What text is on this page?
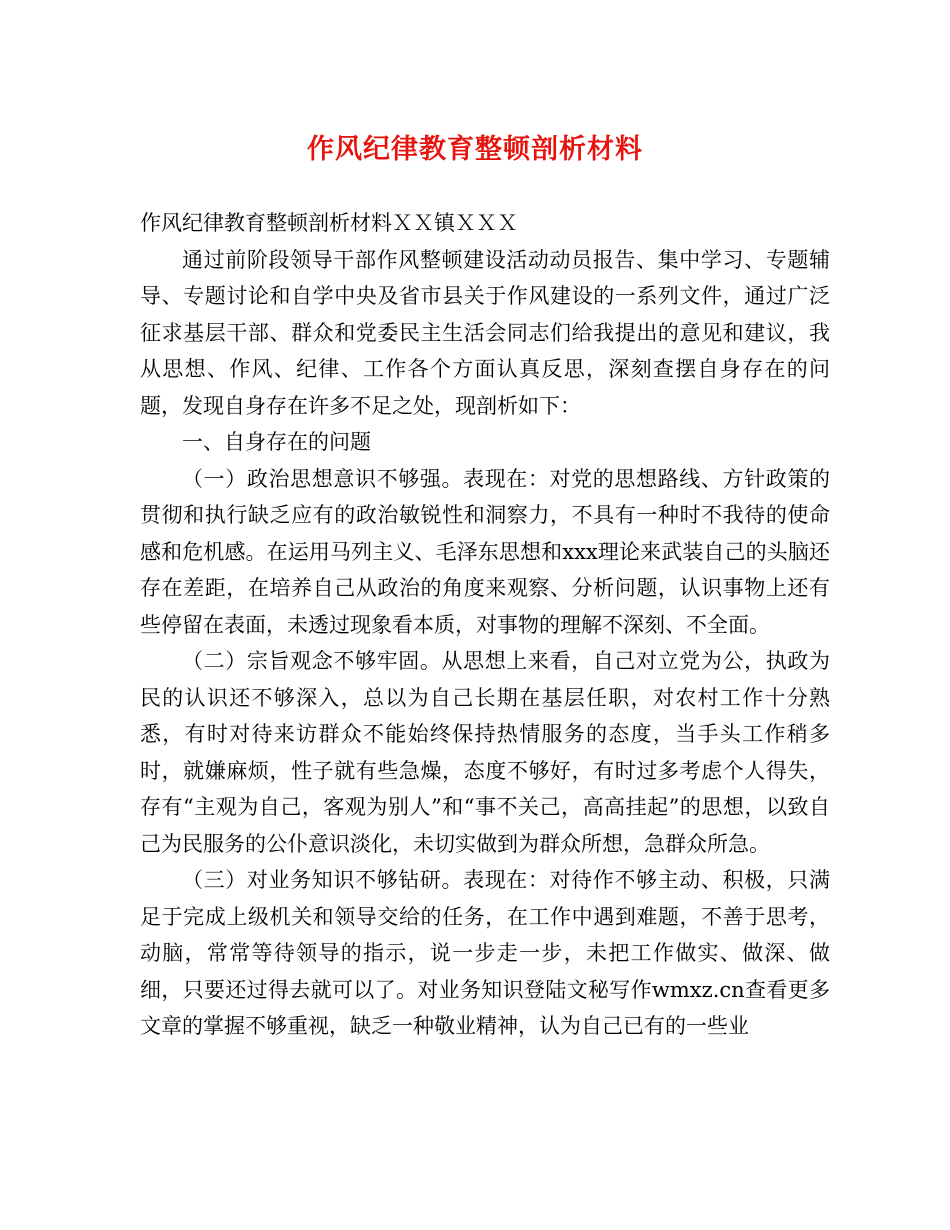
作风纪律教育整顿剖析材料

作风纪律教育整顿剖析材料ＸＸ镇ＸＸＸ

通过前阶段领导干部作风整顿建设活动动员报告、集中学习、专题辅导、专题讨论和自学中央及省市县关于作风建设的一系列文件，通过广泛征求基层干部、群众和党委民主生活会同志们给我提出的意见和建议，我从思想、作风、纪律、工作各个方面认真反思，深刻查摆自身存在的问题，发现自身存在许多不足之处，现剖析如下：

一、自身存在的问题

（一）政治思想意识不够强。表现在：对党的思想路线、方针政策的贯彻和执行缺乏应有的政治敏锐性和洞察力，不具有一种时不我待的使命感和危机感。在运用马列主义、毛泽东思想和xxx理论来武装自己的头脑还存在差距，在培养自己从政治的角度来观察、分析问题，认识事物上还有些停留在表面，未透过现象看本质，对事物的理解不深刻、不全面。

（二）宗旨观念不够牢固。从思想上来看，自己对立党为公，执政为民的认识还不够深入，总以为自己长期在基层任职，对农村工作十分熟悉，有时对待来访群众不能始终保持热情服务的态度，当手头工作稍多时，就嫌麻烦，性子就有些急燥，态度不够好，有时过多考虑个人得失，存有“主观为自己，客观为别人”和“事不关己，高高挂起”的思想，以致自己为民服务的公仆意识淡化，未切实做到为群众所想，急群众所急。

（三）对业务知识不够钻研。表现在：对待作不够主动、积极，只满足于完成上级机关和领导交给的任务，在工作中遇到难题，不善于思考，动脑，常常等待领导的指示，说一步走一步，未把工作做实、做深、做细，只要还过得去就可以了。对业务知识登陆文秘写作wmxz.cn查看更多文章的掌握不够重视，缺乏一种敬业精神，认为自己已有的一些业
